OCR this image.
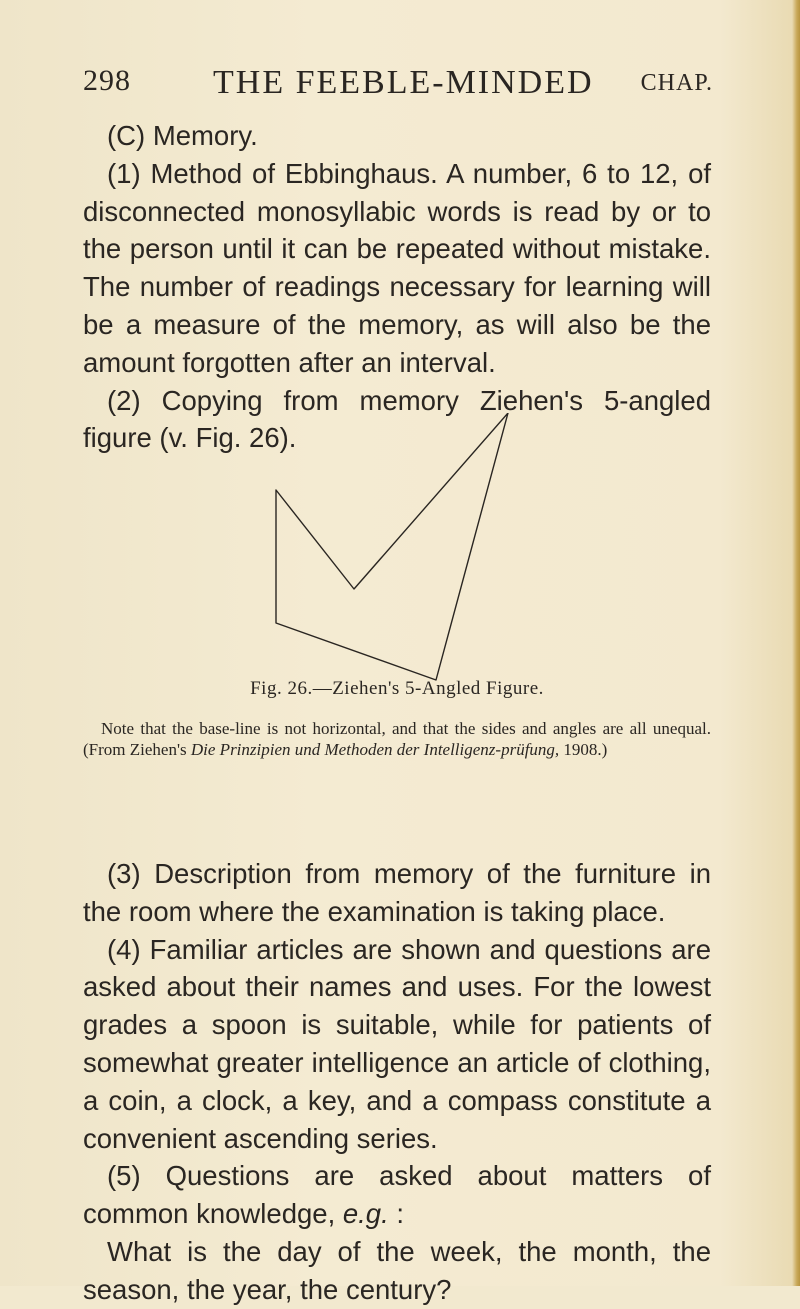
298 THE FEEBLE-MINDED CHAP.

(C) Memory.

(1) Method of Ebbinghaus. A number, 6 to 12, of disconnected monosyllabic words is read by or to the person until it can be repeated without mistake. The number of readings necessary for learning will be a measure of the memory, as will also be the amount forgotten after an interval.

(2) Copying from memory Ziehen's 5-angled figure (v. Fig. 26).

Fig. 26.—Ziehen's 5-Angled Figure.

Note that the base-line is not horizontal, and that the sides and angles are all unequal. (From Ziehen's Die Prinzipien und Methoden der Intelligenz-prüfung, 1908.)

(3) Description from memory of the furniture in the room where the examination is taking place.

(4) Familiar articles are shown and questions are asked about their names and uses. For the lowest grades a spoon is suitable, while for patients of somewhat greater intelligence an article of clothing, a coin, a clock, a key, and a compass constitute a convenient ascending series.

(5) Questions are asked about matters of common knowledge, e.g. :

What is the day of the week, the month, the season, the year, the century?
